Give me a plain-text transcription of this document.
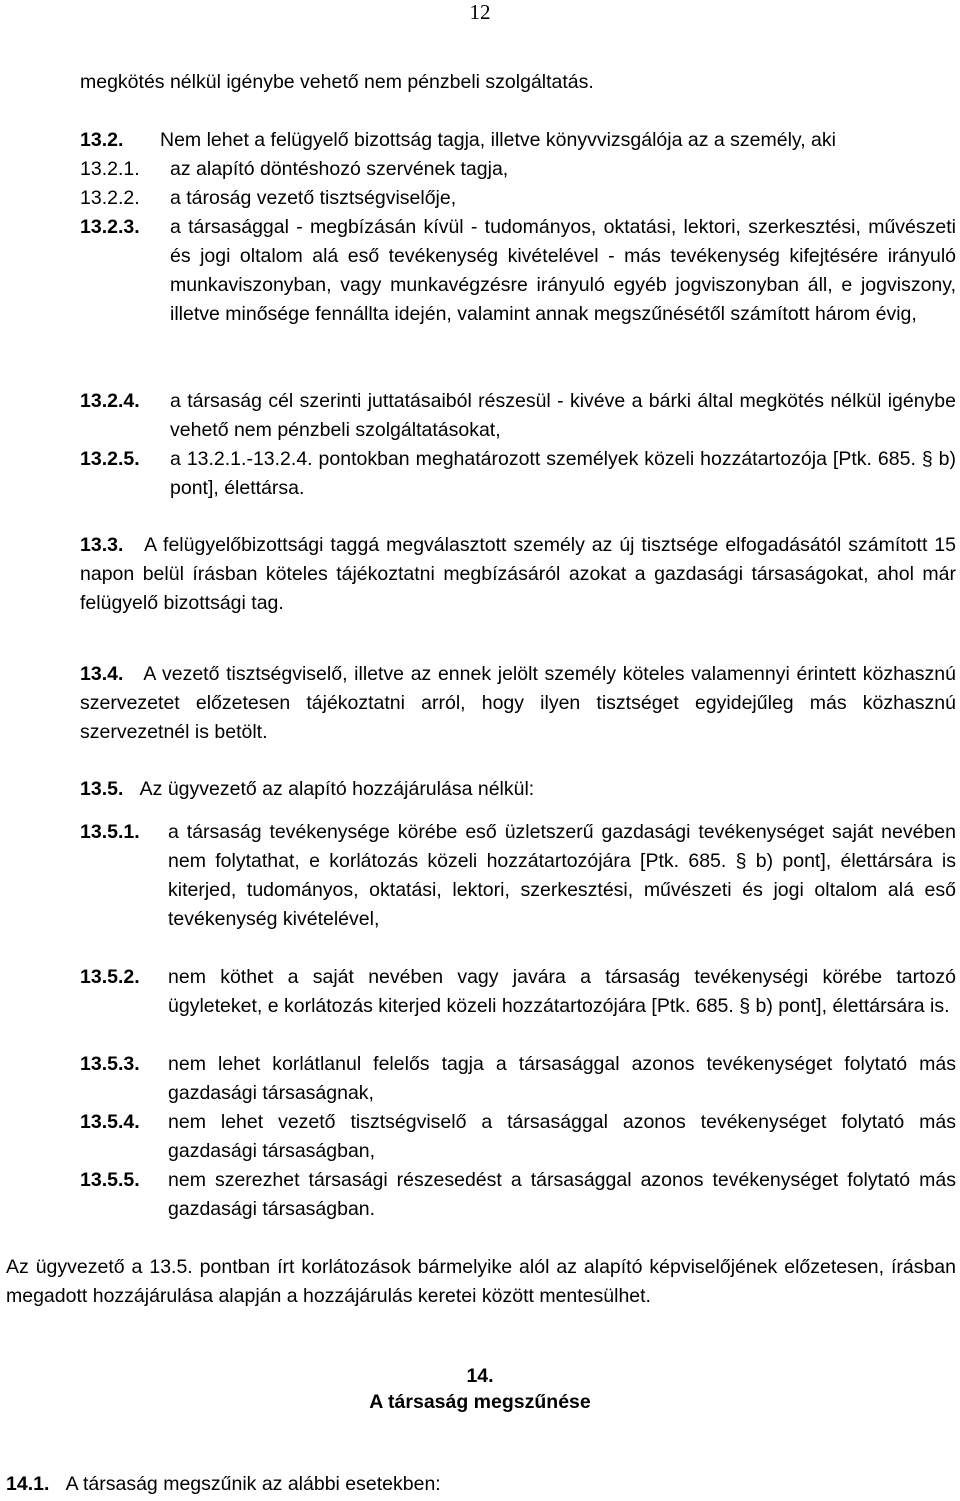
12
megkötés nélkül igénybe vehető nem pénzbeli szolgáltatás.
13.2.	Nem lehet a felügyelő bizottság tagja, illetve könyvvizsgálója az a személy, aki
13.2.1.	az alapító döntéshozó szervének tagja,
13.2.2.	a tároság vezető tisztségviselője,
13.2.3.	a társasággal - megbízásán kívül - tudományos, oktatási, lektori, szerkesztési, művészeti és jogi oltalom alá eső tevékenység kivételével - más tevékenység kifejtésére irányuló munkaviszonyban, vagy munkavégzésre irányuló egyéb jogviszonyban áll, e jogviszony, illetve minősége fennállta idején, valamint annak megszűnésétől számított három évig,
13.2.4.	a társaság cél szerinti juttatásaiból részesül - kivéve a bárki által megkötés nélkül igénybe vehető nem pénzbeli szolgáltatásokat,
13.2.5.	a 13.2.1.-13.2.4. pontokban meghatározott személyek közeli hozzátartozója [Ptk. 685. § b) pont], élettársa.
13.3. A felügyelőbizottsági taggá megválasztott személy az új tisztsége elfogadásától számított 15 napon belül írásban köteles tájékoztatni megbízásáról azokat a gazdasági társaságokat, ahol már felügyelő bizottsági tag.
13.4. A vezető tisztségviselő, illetve az ennek jelölt személy köteles valamennyi érintett közhasznú szervezetet előzetesen tájékoztatni arról, hogy ilyen tisztséget egyidejűleg más közhasznú szervezetnél is betölt.
13.5. Az ügyvezető az alapító hozzájárulása nélkül:
13.5.1.	a társaság tevékenysége körébe eső üzletszerű gazdasági tevékenységet saját nevében nem folytathat, e korlátozás közeli hozzátartozójára [Ptk. 685. § b) pont], élettársára is kiterjed, tudományos, oktatási, lektori, szerkesztési, művészeti és jogi oltalom alá eső tevékenység kivételével,
13.5.2.	nem köthet a saját nevében vagy javára a társaság tevékenységi körébe tartozó ügyleteket, e korlátozás kiterjed közeli hozzátartozójára [Ptk. 685. § b) pont], élettársára is.
13.5.3.	nem lehet korlátlanul felelős tagja a társasággal azonos tevékenységet folytató más gazdasági társaságnak,
13.5.4.	nem lehet vezető tisztségviselő a társasággal azonos tevékenységet folytató más gazdasági társaságban,
13.5.5.	nem szerezhet társasági részesedést a társasággal azonos tevékenységet folytató más gazdasági társaságban.
Az ügyvezető a 13.5. pontban írt korlátozások bármelyike alól az alapító képviselőjének előzetesen, írásban megadott hozzájárulása alapján a hozzájárulás keretei között mentesülhet.
14.
A társaság megszűnése
14.1. A társaság megszűnik az alábbi esetekben:
